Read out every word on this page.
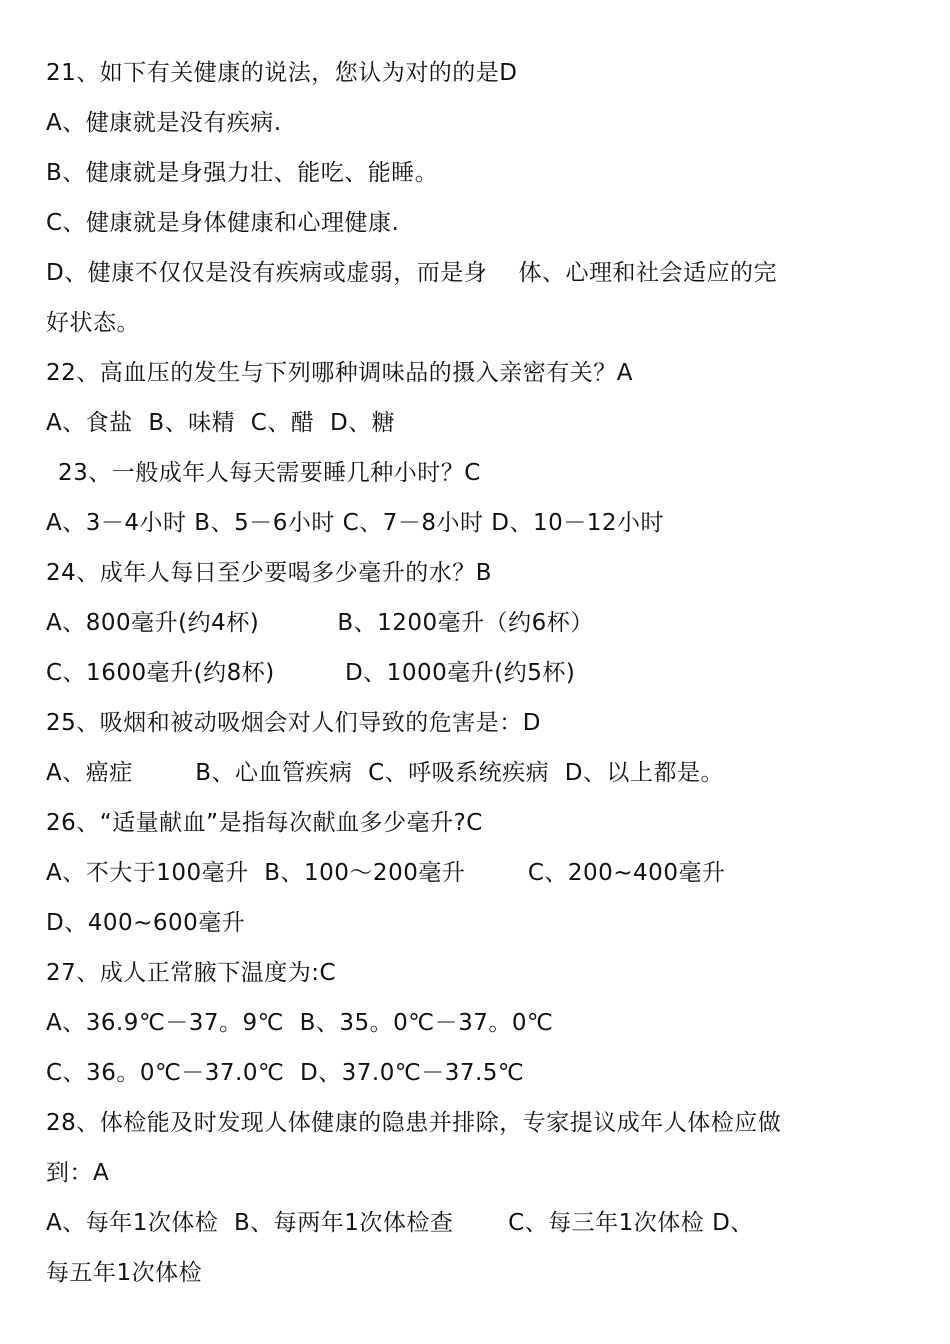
21、如下有关健康的说法，您认为对的的是D
A、健康就是没有疾病.
B、健康就是身强力壮、能吃、能睡。
C、健康就是身体健康和心理健康.
D、健康不仅仅是没有疾病或虚弱，而是身    体、心理和社会适应的完
好状态。
22、高血压的发生与下列哪种调味品的摄入亲密有关？A
A、食盐  B、味精  C、醋  D、糖
23、一般成年人每天需要睡几种小时？C
A、3－4小时 B、5－6小时 C、7－8小时 D、10－12小时
24、成年人每日至少要喝多少毫升的水？B
A、800毫升(约4杯)          B、1200毫升（约6杯）
C、1600毫升(约8杯)         D、1000毫升(约5杯)
25、吸烟和被动吸烟会对人们导致的危害是：D
A、癌症        B、心血管疾病  C、呼吸系统疾病  D、以上都是。
26、“适量献血”是指每次献血多少毫升?C
A、不大于100毫升  B、100～200毫升        C、200~400毫升
D、400~600毫升
27、成人正常腋下温度为:C
A、36.9℃－37。9℃  B、35。0℃－37。0℃
C、36。0℃－37.0℃  D、37.0℃－37.5℃
28、体检能及时发现人体健康的隐患并排除，专家提议成年人体检应做
到：A
A、每年1次体检  B、每两年1次体检查       C、每三年1次体检 D、
每五年1次体检
